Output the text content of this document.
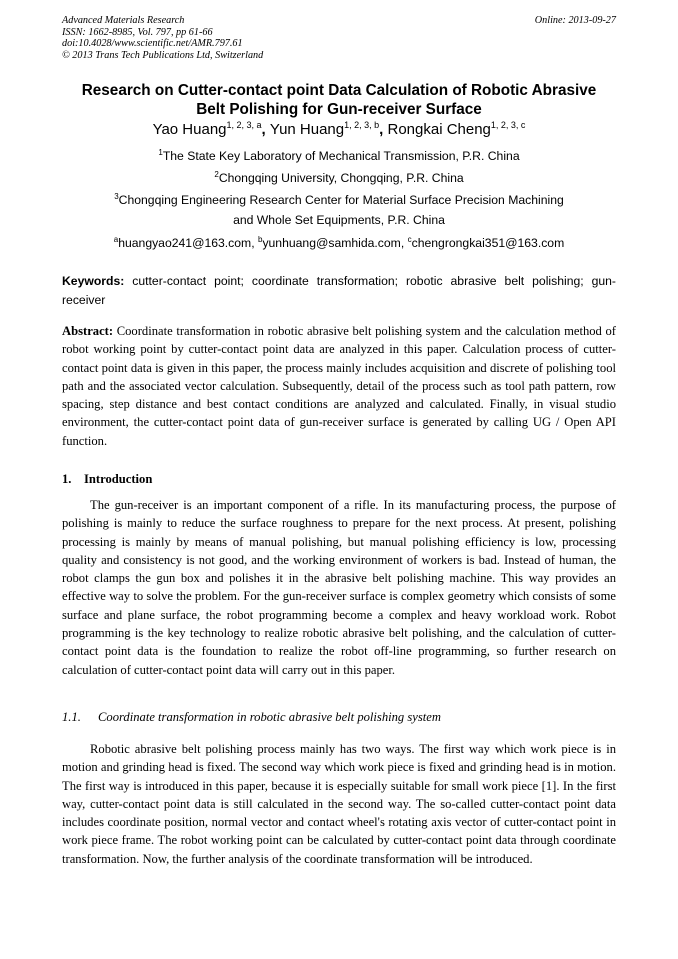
Advanced Materials Research
ISSN: 1662-8985, Vol. 797, pp 61-66
doi:10.4028/www.scientific.net/AMR.797.61
© 2013 Trans Tech Publications Ltd, Switzerland
Online: 2013-09-27
Research on Cutter-contact point Data Calculation of Robotic Abrasive
Belt Polishing for Gun-receiver Surface
Yao Huang$^{1, 2, 3, a}$, Yun Huang$^{1, 2, 3, b}$, Rongkai Cheng$^{1, 2, 3, c}$
$^1$The State Key Laboratory of Mechanical Transmission, P.R. China
$^2$Chongqing University, Chongqing, P.R. China
$^3$Chongqing Engineering Research Center for Material Surface Precision Machining
and Whole Set Equipments, P.R. China
$^a$huangyao241@163.com, $^b$yunhuang@samhida.com, $^c$chengrongkai351@163.com
Keywords: cutter-contact point; coordinate transformation; robotic abrasive belt polishing; gun-receiver
Abstract: Coordinate transformation in robotic abrasive belt polishing system and the calculation method of robot working point by cutter-contact point data are analyzed in this paper. Calculation process of cutter-contact point data is given in this paper, the process mainly includes acquisition and discrete of polishing tool path and the associated vector calculation. Subsequently, detail of the process such as tool path pattern, row spacing, step distance and best contact conditions are analyzed and calculated. Finally, in visual studio environment, the cutter-contact point data of gun-receiver surface is generated by calling UG / Open API function.
1. Introduction
The gun-receiver is an important component of a rifle. In its manufacturing process, the purpose of polishing is mainly to reduce the surface roughness to prepare for the next process. At present, polishing processing is mainly by means of manual polishing, but manual polishing efficiency is low, processing quality and consistency is not good, and the working environment of workers is bad. Instead of human, the robot clamps the gun box and polishes it in the abrasive belt polishing machine. This way provides an effective way to solve the problem. For the gun-receiver surface is complex geometry which consists of some surface and plane surface, the robot programming become a complex and heavy workload work. Robot programming is the key technology to realize robotic abrasive belt polishing, and the calculation of cutter-contact point data is the foundation to realize the robot off-line programming, so further research on calculation of cutter-contact point data will carry out in this paper.
1.1. Coordinate transformation in robotic abrasive belt polishing system
Robotic abrasive belt polishing process mainly has two ways. The first way which work piece is in motion and grinding head is fixed. The second way which work piece is fixed and grinding head is in motion. The first way is introduced in this paper, because it is especially suitable for small work piece [1]. In the first way, cutter-contact point data is still calculated in the second way. The so-called cutter-contact point data includes coordinate position, normal vector and contact wheel's rotating axis vector of cutter-contact point in work piece frame. The robot working point can be calculated by cutter-contact point data through coordinate transformation. Now, the further analysis of the coordinate transformation will be introduced.
